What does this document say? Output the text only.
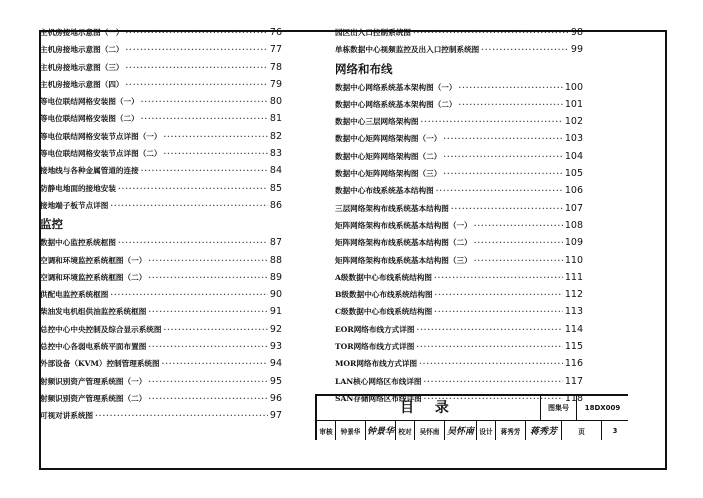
主机房接地示意图（一） ·····	76
主机房接地示意图（二） ·····	77
主机房接地示意图（三） ·····	78
主机房接地示意图（四） ·····	79
等电位联结网格安装图（一） ·····	80
等电位联结网格安装图（二） ·····	81
等电位联结网格安装节点详图（一） ·····	82
等电位联结网格安装节点详图（二） ·····	83
接地线与各种金属管道的连接 ·····	84
防静电地面的接地安装 ·····	85
接地端子板节点详图 ·····	86
监控
数据中心监控系统框图 ·····	87
空调和环境监控系统框图（一） ·····	88
空调和环境监控系统框图（二） ·····	89
供配电监控系统框图 ·····	90
柴油发电机组供油监控系统框图 ·····	91
总控中心中央控制及综合显示系统图 ·····	92
总控中心各弱电系统平面布置图 ·····	93
外部设备（KVM）控制管理系统图 ·····	94
射频识别资产管理系统图（一） ·····	95
射频识别资产管理系统图（二） ·····	96
可视对讲系统图 ·····	97
园区出入口控制系统图 ·····	98
单栋数据中心视频监控及出入口控制系统图 ·····	99
网络和布线
数据中心网络系统基本架构图（一） ·····	100
数据中心网络系统基本架构图（二） ·····	101
数据中心三层网络架构图 ·····	102
数据中心矩阵网络架构图（一） ·····	103
数据中心矩阵网络架构图（二） ·····	104
数据中心矩阵网络架构图（三） ·····	105
数据中心布线系统基本结构图 ·····	106
三层网络架构布线系统基本结构图 ·····	107
矩阵网络架构布线系统基本结构图（一） ·····	108
矩阵网络架构布线系统基本结构图（二） ·····	109
矩阵网络架构布线系统基本结构图（三） ·····	110
A级数据中心布线系统结构图 ·····	111
B级数据中心布线系统结构图 ·····	112
C级数据中心布线系统结构图 ·····	113
EOR网络布线方式详图 ·····	114
TOR网络布线方式详图 ·····	115
MOR网络布线方式详图 ·····	116
LAN核心网络区布线详图 ·····	117
SAN存储网络区布线详图 ·····	118
目 录	图集号	18DX009
审核	钟景华 钟景华 校对	吴怀南 吴怀南 设计	蒋秀芳	蒋秀芳	页	3
